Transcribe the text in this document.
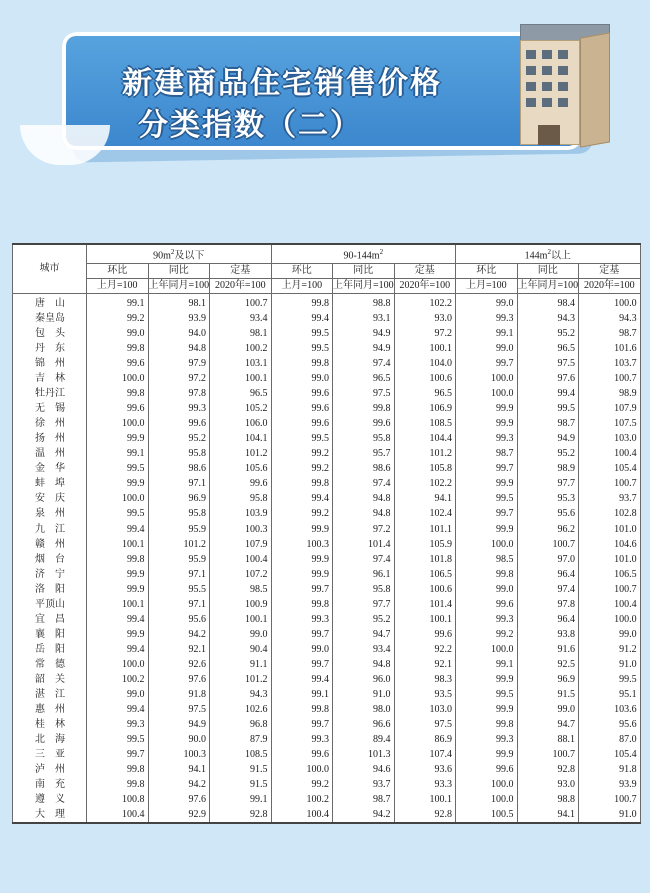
新建商品住宅销售价格
分类指数（二）
城市	$90m^2$及以下			$90-144m^2$			$144m^2$以上		
	环比	同比	定基	环比	同比	定基	环比	同比	定基
	上月=100	上年同月=100	2020年=100	上月=100	上年同月=100	2020年=100	上月=100	上年同月=100	2020年=100
唐　山	99.1	98.1	100.7	99.8	98.8	102.2	99.0	98.4	100.0
秦皇岛	99.2	93.9	93.4	99.4	93.1	93.0	99.3	94.3	94.3
包　头	99.0	94.0	98.1	99.5	94.9	97.2	99.1	95.2	98.7
丹　东	99.8	94.8	100.2	99.5	94.9	100.1	99.0	96.5	101.6
锦　州	99.6	97.9	103.1	99.8	97.4	104.0	99.7	97.5	103.7
吉　林	100.0	97.2	100.1	99.0	96.5	100.6	100.0	97.6	100.7
牡丹江	99.8	97.8	96.5	99.6	97.5	96.5	100.0	99.4	98.9
无　锡	99.6	99.3	105.2	99.6	99.8	106.9	99.9	99.5	107.9
徐　州	100.0	99.6	106.0	99.6	99.6	108.5	99.9	98.7	107.5
扬　州	99.9	95.2	104.1	99.5	95.8	104.4	99.3	94.9	103.0
温　州	99.1	95.8	101.2	99.2	95.7	101.2	98.7	95.2	100.4
金　华	99.5	98.6	105.6	99.2	98.6	105.8	99.7	98.9	105.4
蚌　埠	99.9	97.1	99.6	99.8	97.4	102.2	99.9	97.7	100.7
安　庆	100.0	96.9	95.8	99.4	94.8	94.1	99.5	95.3	93.7
泉　州	99.5	95.8	103.9	99.2	94.8	102.4	99.7	95.6	102.8
九　江	99.4	95.9	100.3	99.9	97.2	101.1	99.9	96.2	101.0
赣　州	100.1	101.2	107.9	100.3	101.4	105.9	100.0	100.7	104.6
烟　台	99.8	95.9	100.4	99.9	97.4	101.8	98.5	97.0	101.0
济　宁	99.9	97.1	107.2	99.9	96.1	106.5	99.8	96.4	106.5
洛　阳	99.9	95.5	98.5	99.7	95.8	100.6	99.0	97.4	100.7
平顶山	100.1	97.1	100.9	99.8	97.7	101.4	99.6	97.8	100.4
宜　昌	99.4	95.6	100.1	99.3	95.2	100.1	99.3	96.4	100.0
襄　阳	99.9	94.2	99.0	99.7	94.7	99.6	99.2	93.8	99.0
岳　阳	99.4	92.1	90.4	99.0	93.4	92.2	100.0	91.6	91.2
常　德	100.0	92.6	91.1	99.7	94.8	92.1	99.1	92.5	91.0
韶　关	100.2	97.6	101.2	99.4	96.0	98.3	99.9	96.9	99.5
湛　江	99.0	91.8	94.3	99.1	91.0	93.5	99.5	91.5	95.1
惠　州	99.4	97.5	102.6	99.8	98.0	103.0	99.9	99.0	103.6
桂　林	99.3	94.9	96.8	99.7	96.6	97.5	99.8	94.7	95.6
北　海	99.5	90.0	87.9	99.3	89.4	86.9	99.3	88.1	87.0
三　亚	99.7	100.3	108.5	99.6	101.3	107.4	99.9	100.7	105.4
泸　州	99.8	94.1	91.5	100.0	94.6	93.6	99.6	92.8	91.8
南　充	99.8	94.2	91.5	99.2	93.7	93.3	100.0	93.0	93.9
遵　义	100.8	97.6	99.1	100.2	98.7	100.1	100.0	98.8	100.7
大　理	100.4	92.9	92.8	100.4	94.2	92.8	100.5	94.1	91.0
